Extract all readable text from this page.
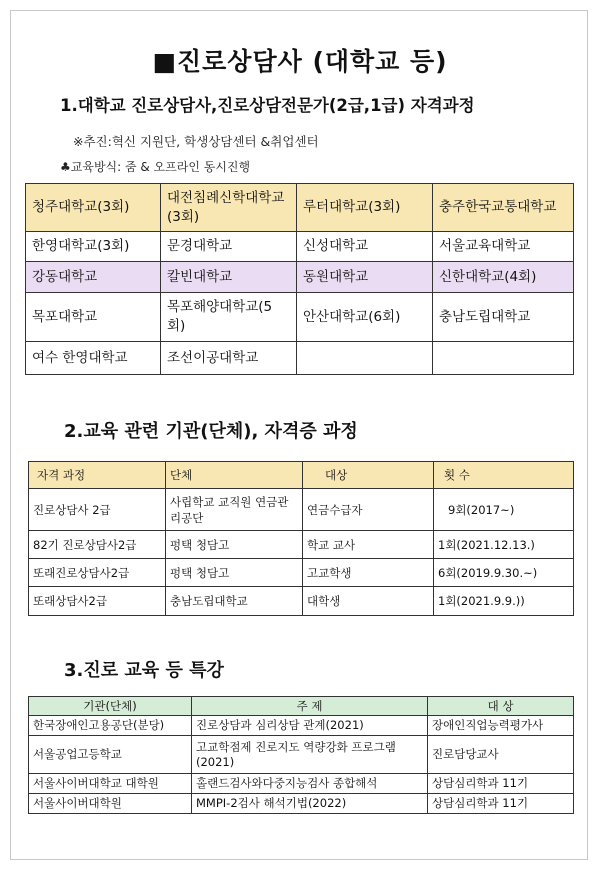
■진로상담사 (대학교 등)
1.대학교 진로상담사,진로상담전문가(2급,1급) 자격과정
※추진:혁신 지원단, 학생상담센터 &취업센터
♣교육방식: 줌 & 오프라인 동시진행
청주대학교(3회)	대전침례신학대학교(3회)	루터대학교(3회)	충주한국교통대학교
한영대학교(3회)	문경대학교	신성대학교	서울교육대학교
강동대학교	칼빈대학교	동원대학교	신한대학교(4회)
목포대학교	목포해양대학교(5회)	안산대학교(6회)	충남도립대학교
여수 한영대학교	조선이공대학교		
2.교육 관련 기관(단체), 자격증 과정
자격 과정	단체	대상	횟 수
진로상담사 2급	사립학교 교직원 연금관리공단	연금수급자	9회(2017~)
82기 진로상담사2급	펑택 청담고	학교 교사	1회(2021.12.13.)
또래진로상담사2급	펑택 청담고	고교학생	6회(2019.9.30.~)
또래상담사2급	충남도립대학교	대학생	1회(2021.9.9.))
3.진로 교육 등 특강
기관(단체)	주 제	대 상
한국장애인고용공단(분당)	진로상담과 심리상담 관계(2021)	장애인직업능력평가사
서울공업고등학교	고교학점제 진로지도 역량강화 프로그램(2021)	진로담당교사
서울사이버대학교 대학원	홀랜드검사와다중지능검사 종합해석	상담심리학과 11기
서울사이버대학원	MMPI-2검사 해석기법(2022)	상담심리학과 11기
